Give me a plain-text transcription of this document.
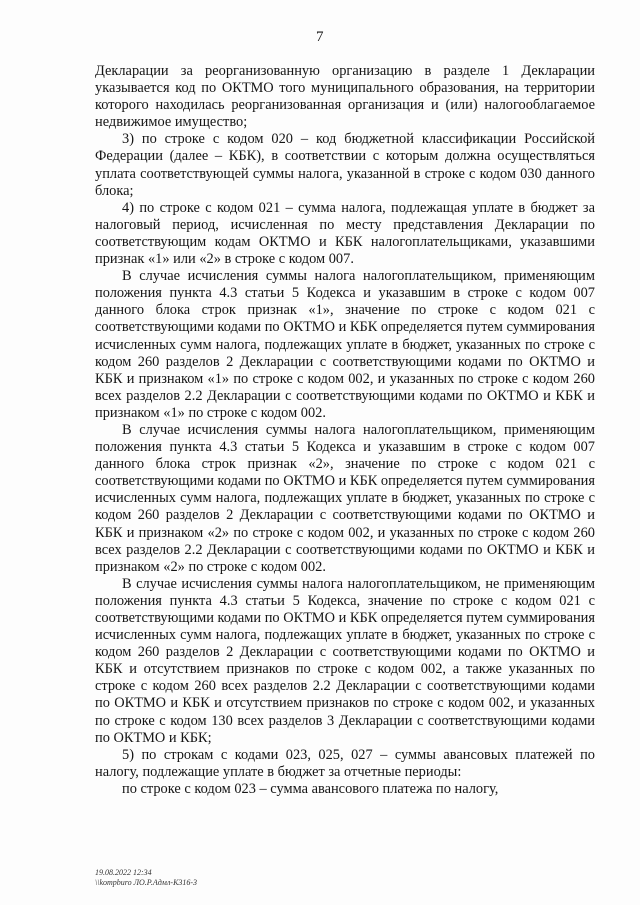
7

Декларации за реорганизованную организацию в разделе 1 Декларации указывается код по ОКТМО того муниципального образования, на территории которого находилась реорганизованная организация и (или) налогооблагаемое недвижимое имущество;

3) по строке с кодом 020 – код бюджетной классификации Российской Федерации (далее – КБК), в соответствии с которым должна осуществляться уплата соответствующей суммы налога, указанной в строке с кодом 030 данного блока;

4) по строке с кодом 021 – сумма налога, подлежащая уплате в бюджет за налоговый период, исчисленная по месту представления Декларации по соответствующим кодам ОКТМО и КБК налогоплательщиками, указавшими признак «1» или «2» в строке с кодом 007.

В случае исчисления суммы налога налогоплательщиком, применяющим положения пункта 4.3 статьи 5 Кодекса и указавшим в строке с кодом 007 данного блока строк признак «1», значение по строке с кодом 021 с соответствующими кодами по ОКТМО и КБК определяется путем суммирования исчисленных сумм налога, подлежащих уплате в бюджет, указанных по строке с кодом 260 разделов 2 Декларации с соответствующими кодами по ОКТМО и КБК и признаком «1» по строке с кодом 002, и указанных по строке с кодом 260 всех разделов 2.2 Декларации с соответствующими кодами по ОКТМО и КБК и признаком «1» по строке с кодом 002.

В случае исчисления суммы налога налогоплательщиком, применяющим положения пункта 4.3 статьи 5 Кодекса и указавшим в строке с кодом 007 данного блока строк признак «2», значение по строке с кодом 021 с соответствующими кодами по ОКТМО и КБК определяется путем суммирования исчисленных сумм налога, подлежащих уплате в бюджет, указанных по строке с кодом 260 разделов 2 Декларации с соответствующими кодами по ОКТМО и КБК и признаком «2» по строке с кодом 002, и указанных по строке с кодом 260 всех разделов 2.2 Декларации с соответствующими кодами по ОКТМО и КБК и признаком «2» по строке с кодом 002.

В случае исчисления суммы налога налогоплательщиком, не применяющим положения пункта 4.3 статьи 5 Кодекса, значение по строке с кодом 021 с соответствующими кодами по ОКТМО и КБК определяется путем суммирования исчисленных сумм налога, подлежащих уплате в бюджет, указанных по строке с кодом 260 разделов 2 Декларации с соответствующими кодами по ОКТМО и КБК и отсутствием признаков по строке с кодом 002, а также указанных по строке с кодом 260 всех разделов 2.2 Декларации с соответствующими кодами по ОКТМО и КБК и отсутствием признаков по строке с кодом 002, и указанных по строке с кодом 130 всех разделов 3 Декларации с соответствующими кодами по ОКТМО и КБК;

5) по строкам с кодами 023, 025, 027 – суммы авансовых платежей по налогу, подлежащие уплате в бюджет за отчетные периоды:

по строке с кодом 023 – сумма авансового платежа по налогу,

19.08.2022 12:34
\\kompburo ЛО.Р.Адмл-К316-3
